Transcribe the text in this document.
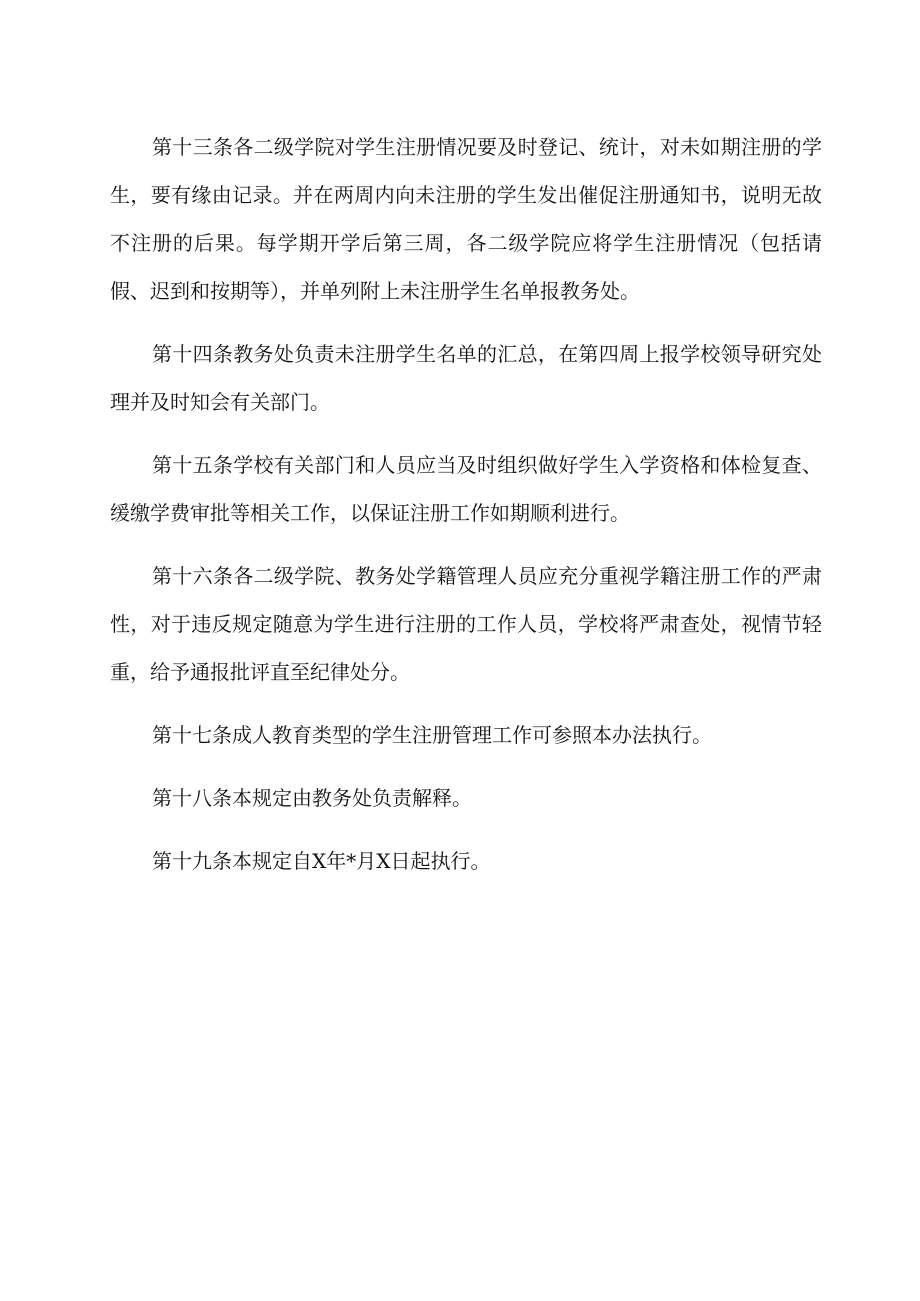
第十三条各二级学院对学生注册情况要及时登记、统计，对未如期注册的学生，要有缘由记录。并在两周内向未注册的学生发出催促注册通知书，说明无故不注册的后果。每学期开学后第三周，各二级学院应将学生注册情况（包括请假、迟到和按期等），并单列附上未注册学生名单报教务处。

第十四条教务处负责未注册学生名单的汇总，在第四周上报学校领导研究处理并及时知会有关部门。

第十五条学校有关部门和人员应当及时组织做好学生入学资格和体检复查、缓缴学费审批等相关工作，以保证注册工作如期顺利进行。

第十六条各二级学院、教务处学籍管理人员应充分重视学籍注册工作的严肃性，对于违反规定随意为学生进行注册的工作人员，学校将严肃查处，视情节轻重，给予通报批评直至纪律处分。

第十七条成人教育类型的学生注册管理工作可参照本办法执行。

第十八条本规定由教务处负责解释。

第十九条本规定自X年*月X日起执行。
